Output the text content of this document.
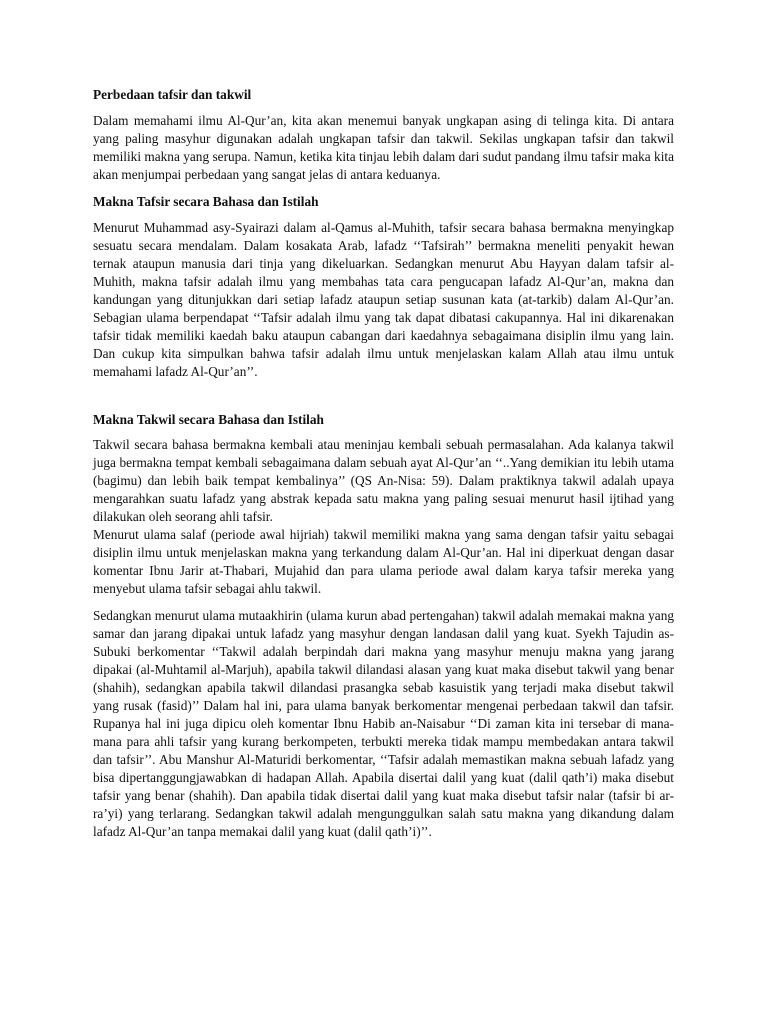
Perbedaan tafsir dan takwil

Dalam memahami ilmu Al-Qur’an, kita akan menemui banyak ungkapan asing di telinga kita. Di antara yang paling masyhur digunakan adalah ungkapan tafsir dan takwil. Sekilas ungkapan tafsir dan takwil memiliki makna yang serupa. Namun, ketika kita tinjau lebih dalam dari sudut pandang ilmu tafsir maka kita akan menjumpai perbedaan yang sangat jelas di antara keduanya.

Makna Tafsir secara Bahasa dan Istilah

Menurut Muhammad asy-Syairazi dalam al-Qamus al-Muhith, tafsir secara bahasa bermakna menyingkap sesuatu secara mendalam. Dalam kosakata Arab, lafadz ‘‘Tafsirah’’ bermakna meneliti penyakit hewan ternak ataupun manusia dari tinja yang dikeluarkan. Sedangkan menurut Abu Hayyan dalam tafsir al-Muhith, makna tafsir adalah ilmu yang membahas tata cara pengucapan lafadz Al-Qur’an, makna dan kandungan yang ditunjukkan dari setiap lafadz ataupun setiap susunan kata (at-tarkib) dalam Al-Qur’an. Sebagian ulama berpendapat ‘‘Tafsir adalah ilmu yang tak dapat dibatasi cakupannya. Hal ini dikarenakan tafsir tidak memiliki kaedah baku ataupun cabangan dari kaedahnya sebagaimana disiplin ilmu yang lain. Dan cukup kita simpulkan bahwa tafsir adalah ilmu untuk menjelaskan kalam Allah atau ilmu untuk memahami lafadz Al-Qur’an’’.

Makna Takwil secara Bahasa dan Istilah

Takwil secara bahasa bermakna kembali atau meninjau kembali sebuah permasalahan. Ada kalanya takwil juga bermakna tempat kembali sebagaimana dalam sebuah ayat Al-Qur’an ‘‘..Yang demikian itu lebih utama (bagimu) dan lebih baik tempat kembalinya’’ (QS An-Nisa: 59). Dalam praktiknya takwil adalah upaya mengarahkan suatu lafadz yang abstrak kepada satu makna yang paling sesuai menurut hasil ijtihad yang dilakukan oleh seorang ahli tafsir.

Menurut ulama salaf (periode awal hijriah) takwil memiliki makna yang sama dengan tafsir yaitu sebagai disiplin ilmu untuk menjelaskan makna yang terkandung dalam Al-Qur’an. Hal ini diperkuat dengan dasar komentar Ibnu Jarir at-Thabari, Mujahid dan para ulama periode awal dalam karya tafsir mereka yang menyebut ulama tafsir sebagai ahlu takwil.

Sedangkan menurut ulama mutaakhirin (ulama kurun abad pertengahan) takwil adalah memakai makna yang samar dan jarang dipakai untuk lafadz yang masyhur dengan landasan dalil yang kuat. Syekh Tajudin as-Subuki berkomentar ‘‘Takwil adalah berpindah dari makna yang masyhur menuju makna yang jarang dipakai (al-Muhtamil al-Marjuh), apabila takwil dilandasi alasan yang kuat maka disebut takwil yang benar (shahih), sedangkan apabila takwil dilandasi prasangka sebab kasuistik yang terjadi maka disebut takwil yang rusak (fasid)’’ Dalam hal ini, para ulama banyak berkomentar mengenai perbedaan takwil dan tafsir. Rupanya hal ini juga dipicu oleh komentar Ibnu Habib an-Naisabur ‘‘Di zaman kita ini tersebar di mana-mana para ahli tafsir yang kurang berkompeten, terbukti mereka tidak mampu membedakan antara takwil dan tafsir’’. Abu Manshur Al-Maturidi berkomentar, ‘‘Tafsir adalah memastikan makna sebuah lafadz yang bisa dipertanggungjawabkan di hadapan Allah. Apabila disertai dalil yang kuat (dalil qath’i) maka disebut tafsir yang benar (shahih). Dan apabila tidak disertai dalil yang kuat maka disebut tafsir nalar (tafsir bi ar-ra’yi) yang terlarang. Sedangkan takwil adalah mengunggulkan salah satu makna yang dikandung dalam lafadz Al-Qur’an tanpa memakai dalil yang kuat (dalil qath’i)’’.
